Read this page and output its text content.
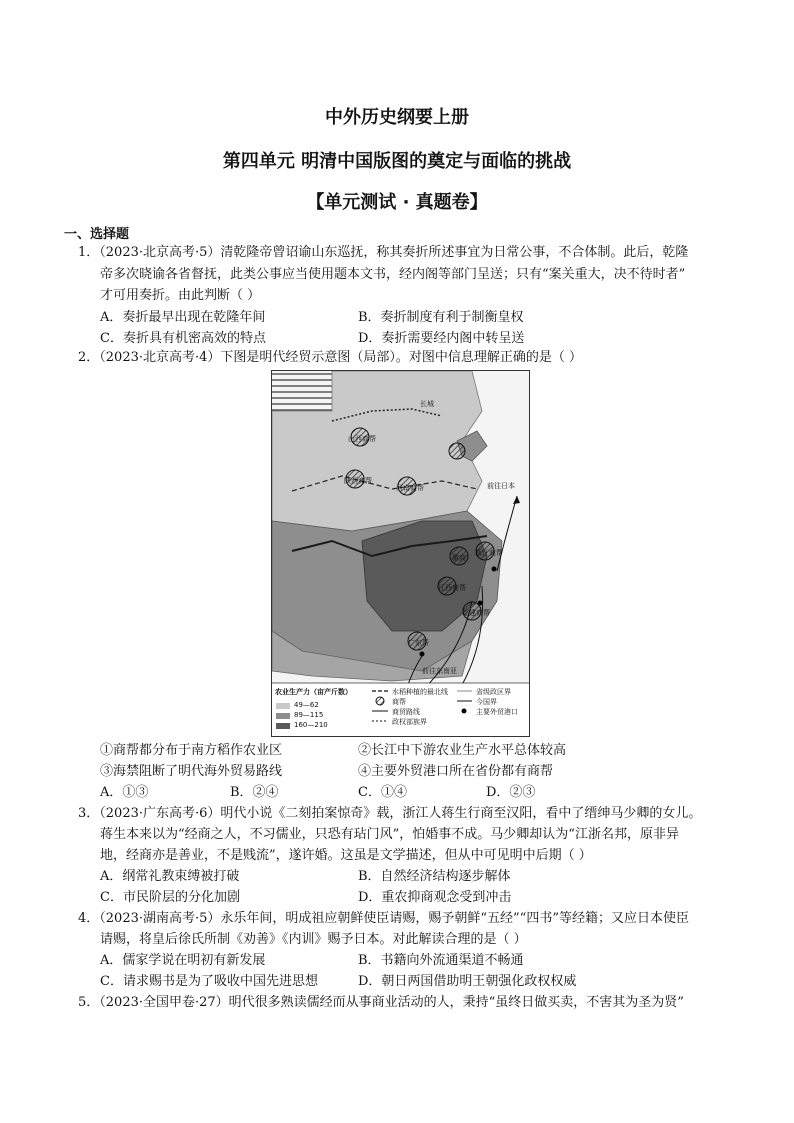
中外历史纲要上册
第四单元 明清中国版图的奠定与面临的挑战
【单元测试 · 真题卷】
一、选择题
1．（2023·北京高考·5）清乾隆帝曾诏谕山东巡抚，称其奏折所述事宜为日常公事，不合体制。此后，乾隆
帝多次晓谕各省督抚，此类公事应当使用题本文书，经内阁等部门呈送；只有“案关重大，决不待时者”
才可用奏折。由此判断（ ）
A．奏折最早出现在乾隆年间	B．奏折制度有利于制衡皇权
C．奏折具有机密高效的特点	D．奏折需要经内阁中转呈送
2．（2023·北京高考·4）下图是明代经贸示意图（局部）。对图中信息理解正确的是（ ）
山西商帮
陕西商帮
河南商帮
徽商
江西商帮
福建商帮
广东帮
浙江商帮
前往日本
前往东南亚
长城
农业生产力（亩产斤数）
49—62
89—115
160—210
水稻种植的最北线
商帮
商贸路线
政权部族界
省级政区界
今国界
主要外贸港口
①商帮都分布于南方稻作农业区	②长江中下游农业生产水平总体较高
③海禁阻断了明代海外贸易路线	④主要外贸港口所在省份都有商帮
A．①③	B．②④	C．①④	D．②③
3．（2023·广东高考·6）明代小说《二刻拍案惊奇》载，浙江人蒋生行商至汉阳，看中了缙绅马少卿的女儿。
蒋生本来以为“经商之人，不习儒业，只恐有玷门风”，怕婚事不成。马少卿却认为“江浙名邦，原非异
地，经商亦是善业，不是贱流”，遂许婚。这虽是文学描述，但从中可见明中后期（ ）
A．纲常礼教束缚被打破	B．自然经济结构逐步解体
C．市民阶层的分化加剧	D．重农抑商观念受到冲击
4．（2023·湖南高考·5）永乐年间，明成祖应朝鲜使臣请赐，赐予朝鲜“五经”“四书”等经籍；又应日本使臣
请赐，将皇后徐氏所制《劝善》《内训》赐予日本。对此解读合理的是（ ）
A．儒家学说在明初有新发展	B．书籍向外流通渠道不畅通
C．请求赐书是为了吸收中国先进思想	D．朝日两国借助明王朝强化政权权威
5．（2023·全国甲卷·27）明代很多熟读儒经而从事商业活动的人，秉持“虽终日做买卖，不害其为圣为贤”
